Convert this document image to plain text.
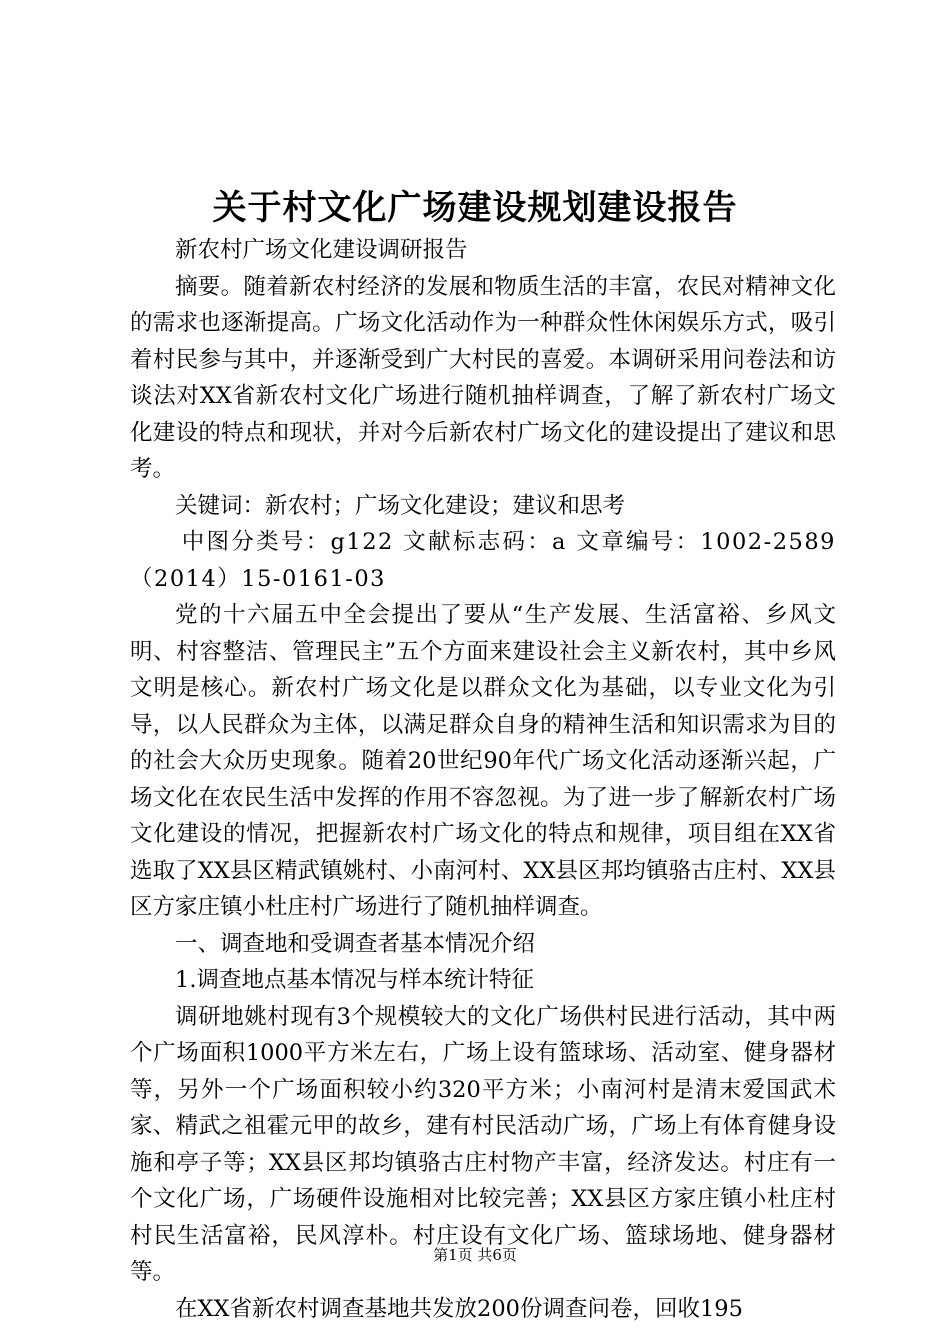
关于村文化广场建设规划建设报告

新农村广场文化建设调研报告

摘要。随着新农村经济的发展和物质生活的丰富，农民对精神文化的需求也逐渐提高。广场文化活动作为一种群众性休闲娱乐方式，吸引着村民参与其中，并逐渐受到广大村民的喜爱。本调研采用问卷法和访谈法对XX省新农村文化广场进行随机抽样调查，了解了新农村广场文化建设的特点和现状，并对今后新农村广场文化的建设提出了建议和思考。

关键词：新农村；广场文化建设；建议和思考

中图分类号：g122 文献标志码：a 文章编号：1002-2589（2014）15-0161-03

党的十六届五中全会提出了要从“生产发展、生活富裕、乡风文明、村容整洁、管理民主”五个方面来建设社会主义新农村，其中乡风文明是核心。新农村广场文化是以群众文化为基础，以专业文化为引导，以人民群众为主体，以满足群众自身的精神生活和知识需求为目的的社会大众历史现象。随着20世纪90年代广场文化活动逐渐兴起，广场文化在农民生活中发挥的作用不容忽视。为了进一步了解新农村广场文化建设的情况，把握新农村广场文化的特点和规律，项目组在XX省选取了XX县区精武镇姚村、小南河村、XX县区邦均镇骆古庄村、XX县区方家庄镇小杜庄村广场进行了随机抽样调查。

一、调查地和受调查者基本情况介绍

1.调查地点基本情况与样本统计特征

调研地姚村现有3个规模较大的文化广场供村民进行活动，其中两个广场面积1000平方米左右，广场上设有篮球场、活动室、健身器材等，另外一个广场面积较小约320平方米；小南河村是清末爱国武术家、精武之祖霍元甲的故乡，建有村民活动广场，广场上有体育健身设施和亭子等；XX县区邦均镇骆古庄村物产丰富，经济发达。村庄有一个文化广场，广场硬件设施相对比较完善；XX县区方家庄镇小杜庄村村民生活富裕，民风淳朴。村庄设有文化广场、篮球场地、健身器材等。

在XX省新农村调查基地共发放200份调查问卷，回收195

第1页 共6页
